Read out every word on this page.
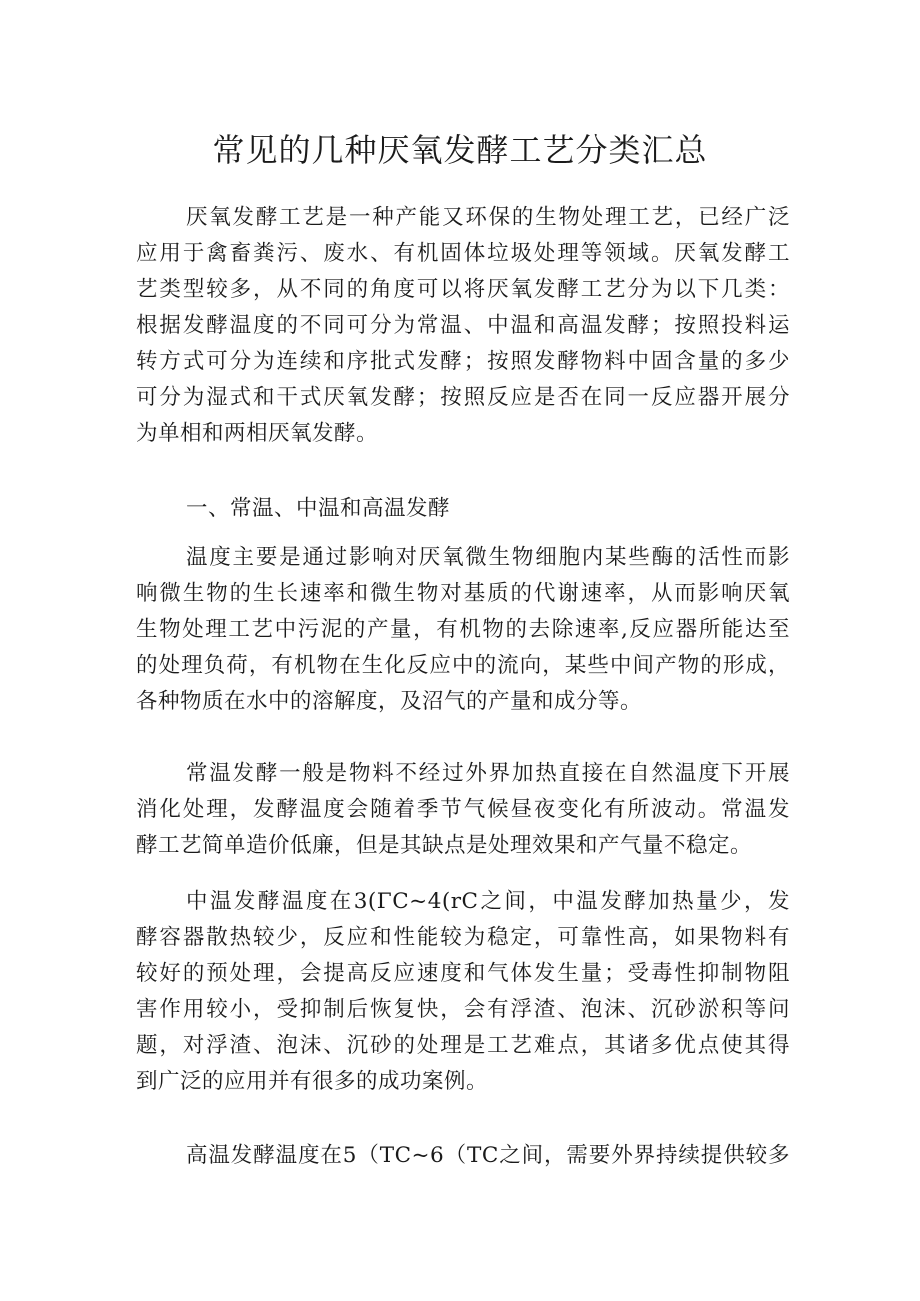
常见的几种厌氧发酵工艺分类汇总
厌氧发酵工艺是一种产能又环保的生物处理工艺，已经广泛
应用于禽畜粪污、废水、有机固体垃圾处理等领域。厌氧发酵工
艺类型较多，从不同的角度可以将厌氧发酵工艺分为以下几类：
根据发酵温度的不同可分为常温、中温和高温发酵；按照投料运
转方式可分为连续和序批式发酵；按照发酵物料中固含量的多少
可分为湿式和干式厌氧发酵；按照反应是否在同一反应器开展分
为单相和两相厌氧发酵。
一、常温、中温和高温发酵
温度主要是通过影响对厌氧微生物细胞内某些酶的活性而影
响微生物的生长速率和微生物对基质的代谢速率，从而影响厌氧
生物处理工艺中污泥的产量，有机物的去除速率,反应器所能达至
的处理负荷，有机物在生化反应中的流向，某些中间产物的形成，
各种物质在水中的溶解度，及沼气的产量和成分等。
常温发酵一般是物料不经过外界加热直接在自然温度下开展
消化处理，发酵温度会随着季节气候昼夜变化有所波动。常温发
酵工艺简单造价低廉，但是其缺点是处理效果和产气量不稳定。
中温发酵温度在3(ΓC~4(rC之间，中温发酵加热量少，发
酵容器散热较少，反应和性能较为稳定，可靠性高，如果物料有
较好的预处理，会提高反应速度和气体发生量；受毒性抑制物阻
害作用较小，受抑制后恢复快，会有浮渣、泡沫、沉砂淤积等问
题，对浮渣、泡沫、沉砂的处理是工艺难点，其诸多优点使其得
到广泛的应用并有很多的成功案例。
高温发酵温度在5（TC~6（TC之间，需要外界持续提供较多
